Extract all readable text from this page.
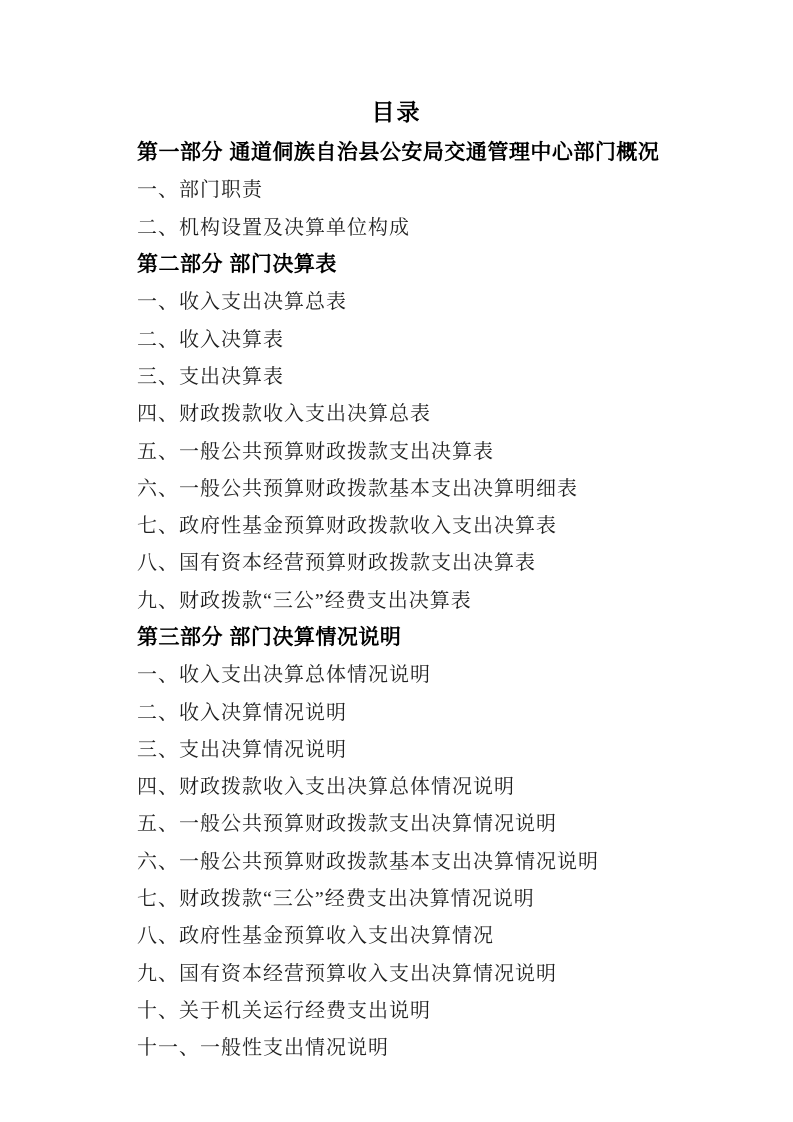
目录
第一部分 通道侗族自治县公安局交通管理中心部门概况
一、部门职责
二、机构设置及决算单位构成
第二部分 部门决算表
一、收入支出决算总表
二、收入决算表
三、支出决算表
四、财政拨款收入支出决算总表
五、一般公共预算财政拨款支出决算表
六、一般公共预算财政拨款基本支出决算明细表
七、政府性基金预算财政拨款收入支出决算表
八、国有资本经营预算财政拨款支出决算表
九、财政拨款“三公”经费支出决算表
第三部分 部门决算情况说明
一、收入支出决算总体情况说明
二、收入决算情况说明
三、支出决算情况说明
四、财政拨款收入支出决算总体情况说明
五、一般公共预算财政拨款支出决算情况说明
六、一般公共预算财政拨款基本支出决算情况说明
七、财政拨款“三公”经费支出决算情况说明
八、政府性基金预算收入支出决算情况
九、国有资本经营预算收入支出决算情况说明
十、关于机关运行经费支出说明
十一、一般性支出情况说明
